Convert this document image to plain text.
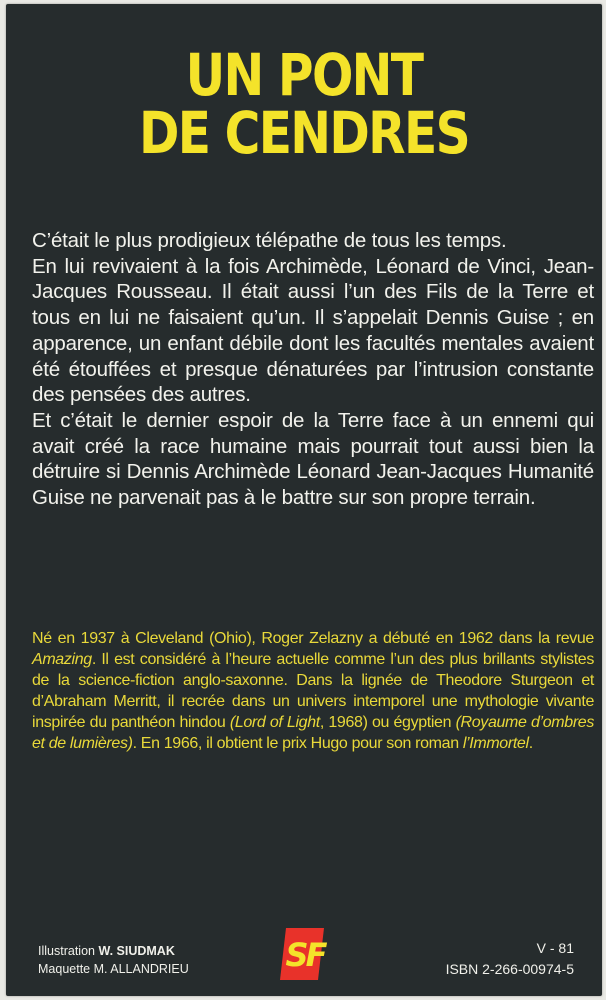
UN PONT
DE CENDRES

C’était le plus prodigieux télépathe de tous les temps.

En lui revivaient à la fois Archimède, Léonard de Vinci, Jean-Jacques Rousseau. Il était aussi l’un des Fils de la Terre et tous en lui ne faisaient qu’un. Il s’appelait Dennis Guise ; en apparence, un enfant débile dont les facultés mentales avaient été étouffées et presque dénaturées par l’intrusion constante des pensées des autres.

Et c’était le dernier espoir de la Terre face à un ennemi qui avait créé la race humaine mais pourrait tout aussi bien la détruire si Dennis Archimède Léonard Jean-Jacques Humanité Guise ne parvenait pas à le battre sur son propre terrain.

Né en 1937 à Cleveland (Ohio), Roger Zelazny a débuté en 1962 dans la revue Amazing. Il est considéré à l’heure actuelle comme l’un des plus brillants stylistes de la science-fiction anglo-saxonne. Dans la lignée de Theodore Sturgeon et d’Abraham Merritt, il recrée dans un univers intemporel une mythologie vivante inspirée du panthéon hindou (Lord of Light, 1968) ou égyptien (Royaume d’ombres et de lumières). En 1966, il obtient le prix Hugo pour son roman l’Immortel.
Illustration W. SIUDMAK
Maquette M. ALLANDRIEU	SF	V - 81
ISBN 2-266-00974-5
